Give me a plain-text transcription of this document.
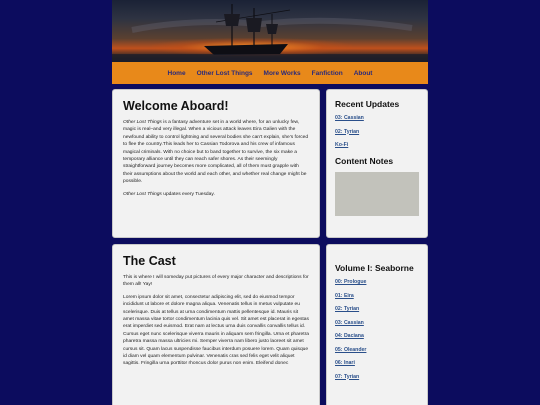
Home Other Lost Things More Works Fanfiction About
Welcome Aboard!

Other Lost Things is a fantasy adventure set in a world where, for an unlucky few, magic is real–and very illegal. When a vicious attack leaves Eira Galien with the newfound ability to control lightning and several bodies she can't explain, she's forced to flee the country.This leads her to Cassian Todorova and his crew of infamous magical criminals. With no choice but to band together to survive, the six make a temporary alliance until they can reach safer shores. As their seemingly straightforward journey becomes more complicated, all of them must grapple with their assumptions about the world and each other, and whether real change might be possible.

Other Lost Things updates every Tuesday.

Recent Updates
03: Cassian
02: Tyrian
Ko-Fi
Content Notes
The Cast

This is where I will someday put pictures of every major character and descriptions for them all! Yay!

Lorem ipsum dolor sit amet, consectetur adipiscing elit, sed do eiusmod tempor incididunt ut labore et dolore magna aliqua. Venenatis tellus in metus vulputate eu scelerisque. Duis at tellus at urna condimentum mattis pellentesque id. Mauris sit amet massa vitae tortor condimentum lacinia quis vel. Sit amet est placerat in egestas erat imperdiet sed euismod. Erat nam at lectus urna duis convallis convallis tellus id. Cursus eget nunc scelerisque viverra mauris in aliquam sem fringilla. Urna et pharetra pharetra massa massa ultricies mi. Semper viverra nam libero justo laoreet sit amet cursus sit. Quam lacus suspendisse faucibus interdum posuere lorem. Quam quisque id diam vel quam elementum pulvinar. Venenatis cras sed felis eget velit aliquet sagittis. Fringilla urna porttitor rhoncus dolor purus non enim. Eleifend donec

Volume I: Seaborne
00: Prologue
01: Eira
02: Tyrian
03: Cassian
04: Daciana
05: Oleander
06: Inari
07: Tyrian
